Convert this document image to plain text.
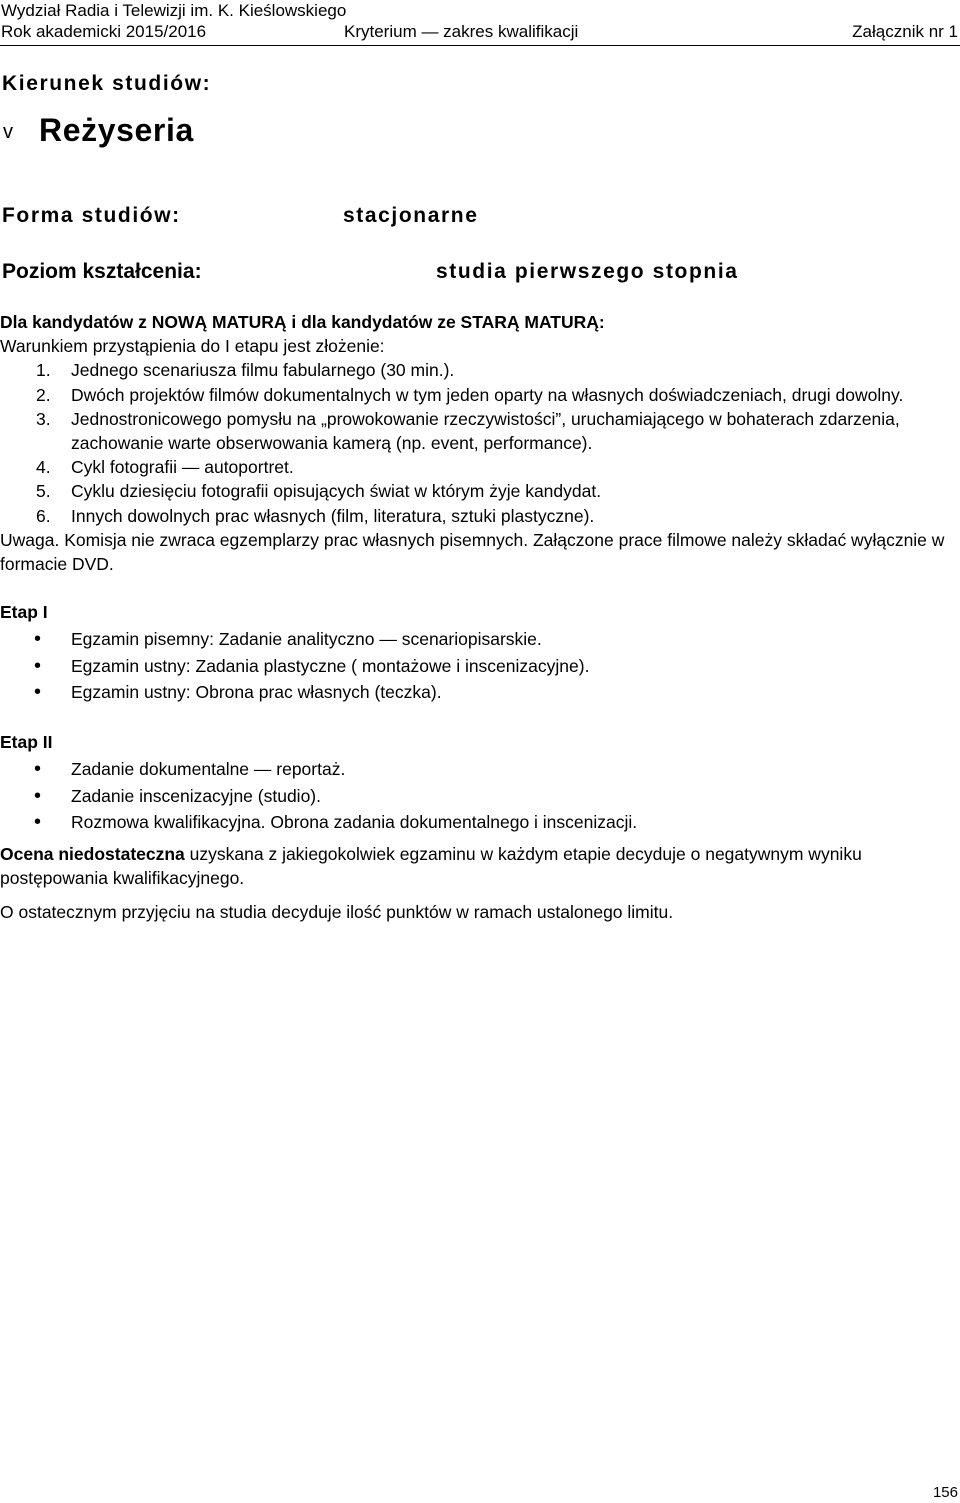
Wydział Radia i Telewizji im. K. Kieślowskiego
Rok akademicki 2015/2016	Kryterium — zakres kwalifikacji	Załącznik nr 1
Kierunek studiów:
v Reżyseria
Forma studiów:	stacjonarne
Poziom kształcenia:	studia pierwszego stopnia

Dla kandydatów z NOWĄ MATURĄ i dla kandydatów ze STARĄ MATURĄ:

Warunkiem przystąpienia do I etapu jest złożenie:

1. Jednego scenariusza filmu fabularnego (30 min.).
2. Dwóch projektów filmów dokumentalnych w tym jeden oparty na własnych doświadczeniach, drugi dowolny.
3. Jednostronicowego pomysłu na „prowokowanie rzeczywistości”, uruchamiającego w bohaterach zdarzenia, zachowanie warte obserwowania kamerą (np. event, performance).
4. Cykl fotografii — autoportret.
5. Cyklu dziesięciu fotografii opisujących świat w którym żyje kandydat.
6. Innych dowolnych prac własnych (film, literatura, sztuki plastyczne).

Uwaga. Komisja nie zwraca egzemplarzy prac własnych pisemnych. Załączone prace filmowe należy składać wyłącznie w formacie DVD.

Etap I

• Egzamin pisemny: Zadanie analityczno — scenariopisarskie.
• Egzamin ustny: Zadania plastyczne ( montażowe i inscenizacyjne).
• Egzamin ustny: Obrona prac własnych (teczka).

Etap II

• Zadanie dokumentalne — reportaż.
• Zadanie inscenizacyjne (studio).
• Rozmowa kwalifikacyjna. Obrona zadania dokumentalnego i inscenizacji.

Ocena niedostateczna uzyskana z jakiegokolwiek egzaminu w każdym etapie decyduje o negatywnym wyniku postępowania kwalifikacyjnego.

O ostatecznym przyjęciu na studia decyduje ilość punktów w ramach ustalonego limitu.

156
